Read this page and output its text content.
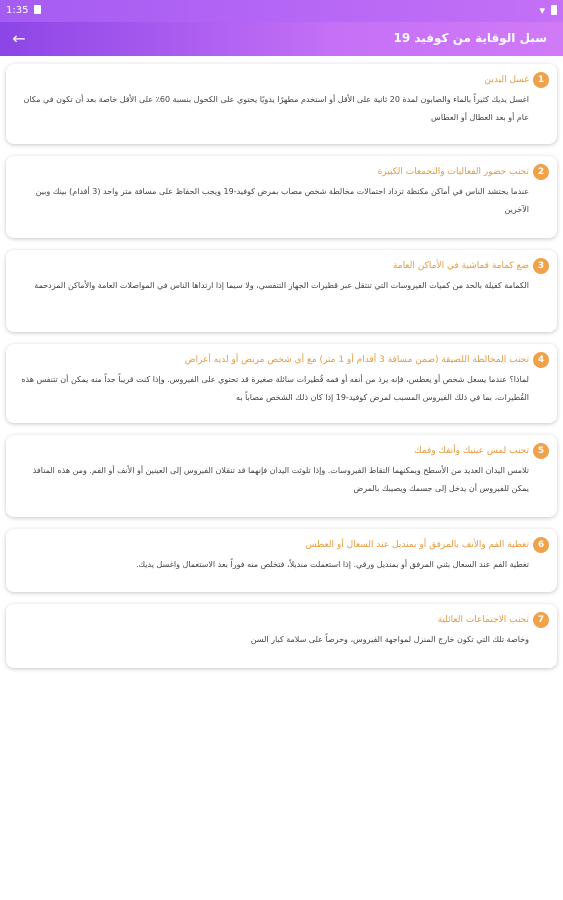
1:35	▾
←	سبل الوقاية من كوفيد 19
1
غسل اليدين
اغسل يديك كثيراً بالماء والصابون لمدة 20 ثانية على الأقل أو استخدم مطهرًا يدويًا يحتوي على الكحول بنسبة 60٪ على الأقل خاصة بعد أن تكون في مكان عام أو بعد العطال أو العطاس
2
تجنب حضور الفعاليات والتجمعات الكبيرة
عندما يحتشد الناس في أماكن مكتظة تزداد احتمالات مخالطة شخص مصاب بمرض كوفيد-19 ويجب الحفاظ على مسافة متر واحد (3 أقدام) بينك وبين الآخرين
3
ضع كمامة قماشية في الأماكن العامة
الكمامة كفيلة بالحد من كميات الفيروسات التي تنتقل عبر قطيرات الجهاز التنفسي، ولا سيما إذا ارتداها الناس في المواصلات العامة والأماكن المزدحمة
4
تجنب المخالطة اللصيقة (ضمن مسافة 3 أقدام أو 1 متر) مع أي شخص مريض أو لديه أعراض
لماذا؟ عندما يسعل شخص أو يعطس، فإنه يرذ من أنفه أو فمه قُطيرات سائلة صغيرة قد تحتوي على الفيروس. وإذا كنت قريباً جداً منه يمكن أن تتنفس هذه القُطيرات، بما في ذلك الفيروس المسبب لمرض كوفيد-19 إذا كان ذلك الشخص مصاباً به
5
تجنب لمس عينيك وأنفك وفمك
تلامس اليدان العديد من الأسطح ويمكنهما التقاط الفيروسات. وإذا تلوثت اليدان فإنهما قد تنقلان الفيروس إلى العينين أو الأنف أو الفم. ومن هذه المنافذ يمكن للفيروس أن يدخل إلى جسمك ويصيبك بالمرض
6
تغطية الفم والأنف بالمرفق أو بمنديل عند السعال أو العطس
تغطية الفم عند السعال بثني المرفق أو بمنديل ورقي. إذا استعملت منديلاً، فتخلص منه فوراً بعد الاستعمال واغسل يديك.
7
تجنب الاجتماعات العائلية
وخاصة تلك التي تكون خارج المنزل لمواجهة الفيروس، وحرصاً على سلامة كبار السن
